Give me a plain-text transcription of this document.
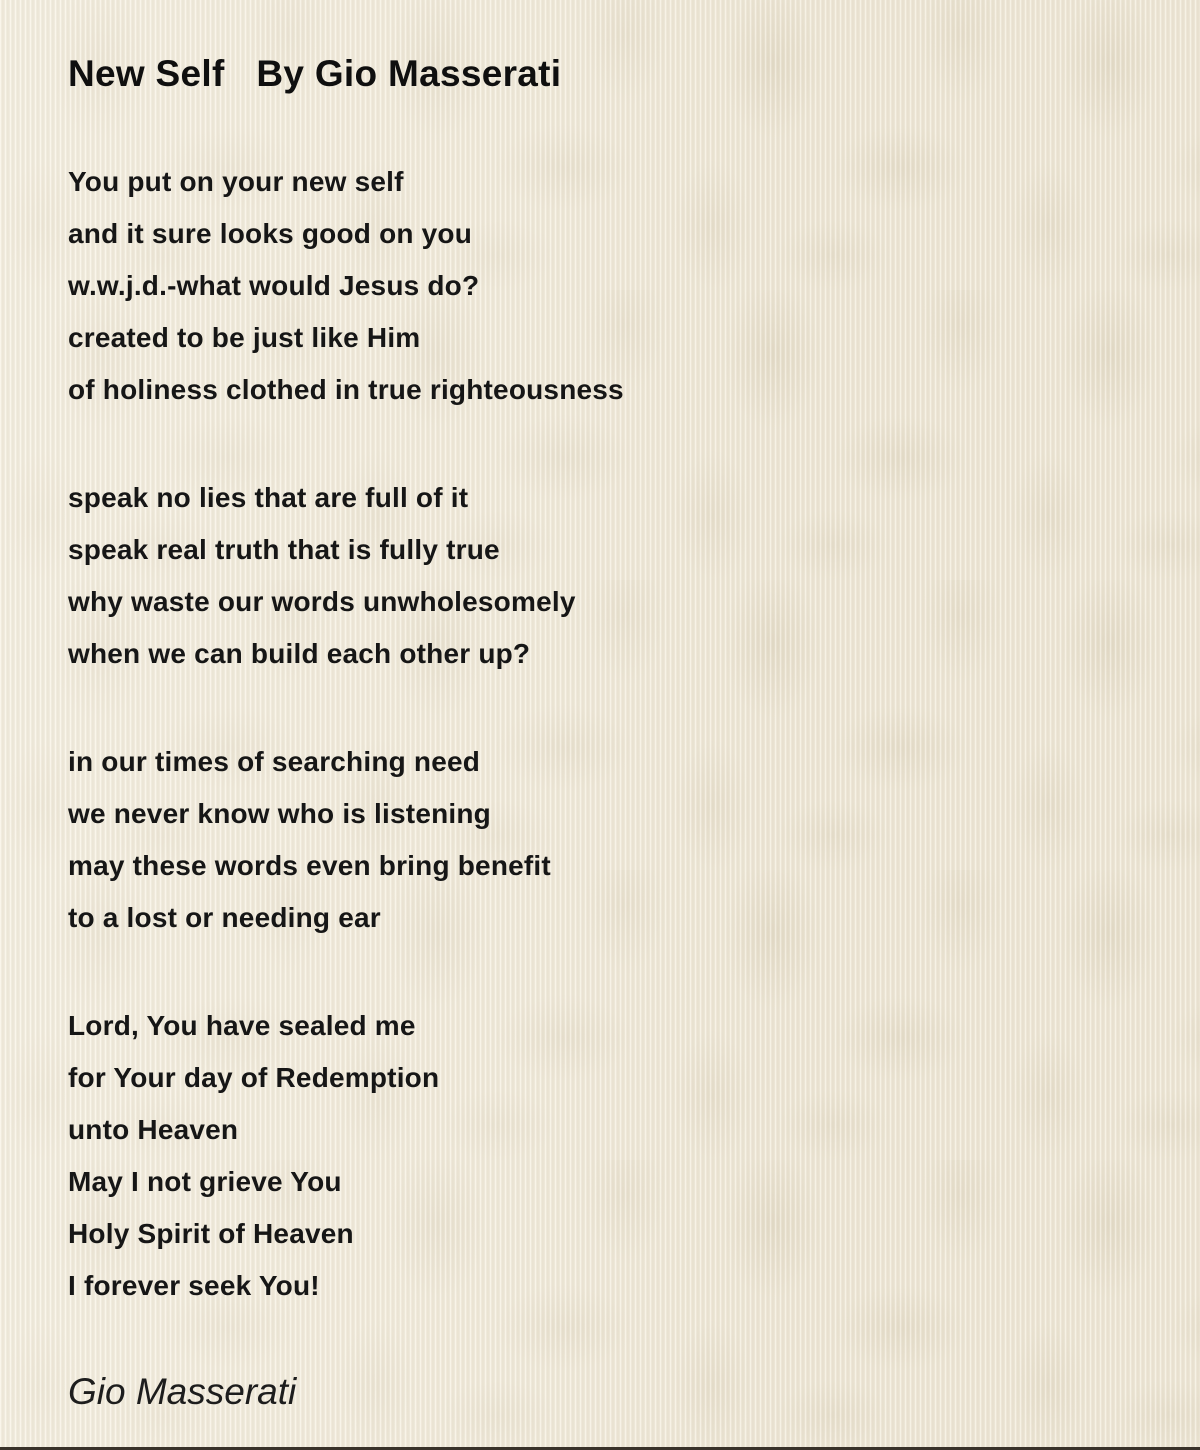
New Self   By Gio Masserati

You put on your new self

and it sure looks good on you

w.w.j.d.-what would Jesus do?

created to be just like Him

of holiness clothed in true righteousness

speak no lies that are full of it

speak real truth that is fully true

why waste our words unwholesomely

when we can build each other up?

in our times of searching need

we never know who is listening

may these words even bring benefit

to a lost or needing ear

Lord, You have sealed me

for Your day of Redemption

unto Heaven

May I not grieve You

Holy Spirit of Heaven

I forever seek You!

Gio Masserati
